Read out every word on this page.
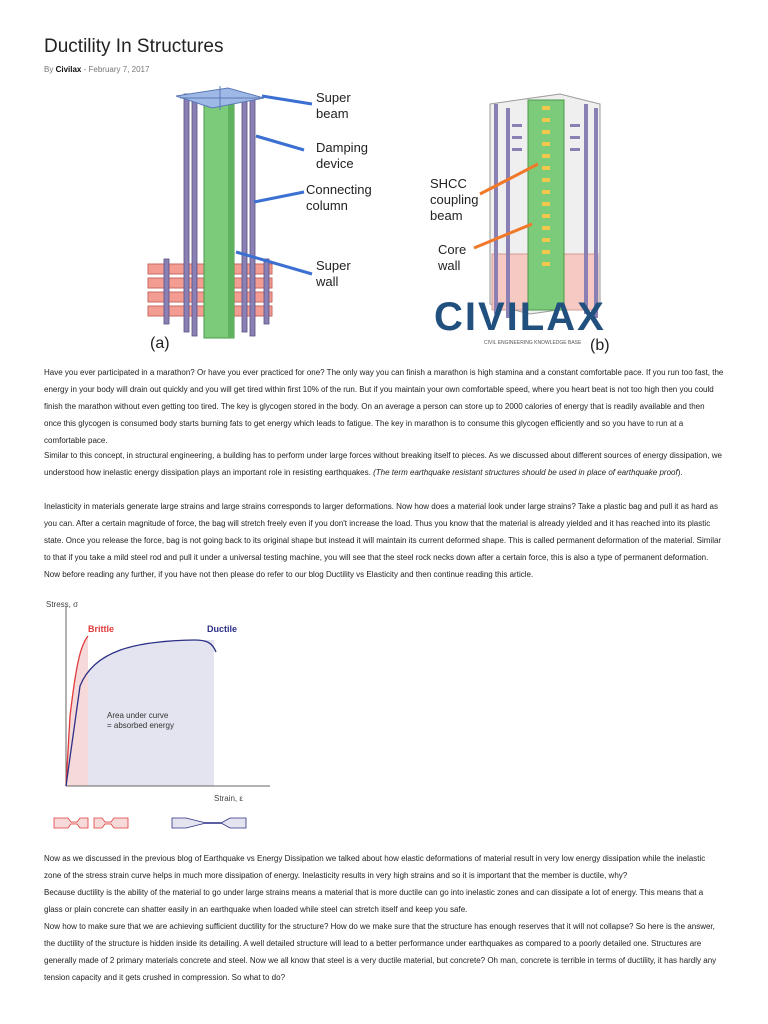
Ductility In Structures
By Civilax - February 7, 2017
Super
beam
Damping
device
Connecting
column
Super
wall
(a)
SHCC
coupling
beam
Core
wall
CIVILAX
CIVIL ENGINEERING KNOWLEDGE BASE (b)

Have you ever participated in a marathon? Or have you ever practiced for one? The only way you can finish a marathon is high stamina and a constant comfortable pace. If you run too fast, the energy in your body will drain out quickly and you will get tired within first 10% of the run. But if you maintain your own comfortable speed, where you heart beat is not too high then you could finish the marathon without even getting too tired. The key is glycogen stored in the body. On an average a person can store up to 2000 calories of energy that is readily available and then once this glycogen is consumed body starts burning fats to get energy which leads to fatigue. The key in marathon is to consume this glycogen efficiently and so you have to run at a comfortable pace.

Similar to this concept, in structural engineering, a building has to perform under large forces without breaking itself to pieces. As we discussed about different sources of energy dissipation, we understood how inelastic energy dissipation plays an important role in resisting earthquakes. (The term earthquake resistant structures should be used in place of earthquake proof).

Inelasticity in materials generate large strains and large strains corresponds to larger deformations. Now how does a material look under large strains? Take a plastic bag and pull it as hard as you can. After a certain magnitude of force, the bag will stretch freely even if you don't increase the load. Thus you know that the material is already yielded and it has reached into its plastic state. Once you release the force, bag is not going back to its original shape but instead it will maintain its current deformed shape. This is called permanent deformation of the material. Similar to that if you take a mild steel rod and pull it under a universal testing machine, you will see that the steel rock necks down after a certain force, this is also a type of permanent deformation. Now before reading any further, if you have not then please do refer to our blog Ductility vs Elasticity and then continue reading this article.

Stress, σ
Strain, ε
Brittle	Ductile
Area under curve
= absorbed energy

Now as we discussed in the previous blog of Earthquake vs Energy Dissipation we talked about how elastic deformations of material result in very low energy dissipation while the inelastic zone of the stress strain curve helps in much more dissipation of energy. Inelasticity results in very high strains and so it is important that the member is ductile, why?

Because ductility is the ability of the material to go under large strains means a material that is more ductile can go into inelastic zones and can dissipate a lot of energy. This means that a glass or plain concrete can shatter easily in an earthquake when loaded while steel can stretch itself and keep you safe.

Now how to make sure that we are achieving sufficient ductility for the structure? How do we make sure that the structure has enough reserves that it will not collapse? So here is the answer, the ductility of the structure is hidden inside its detailing. A well detailed structure will lead to a better performance under earthquakes as compared to a poorly detailed one. Structures are generally made of 2 primary materials concrete and steel. Now we all know that steel is a very ductile material, but concrete? Oh man, concrete is terrible in terms of ductility, it has hardly any tension capacity and it gets crushed in compression. So what to do?
